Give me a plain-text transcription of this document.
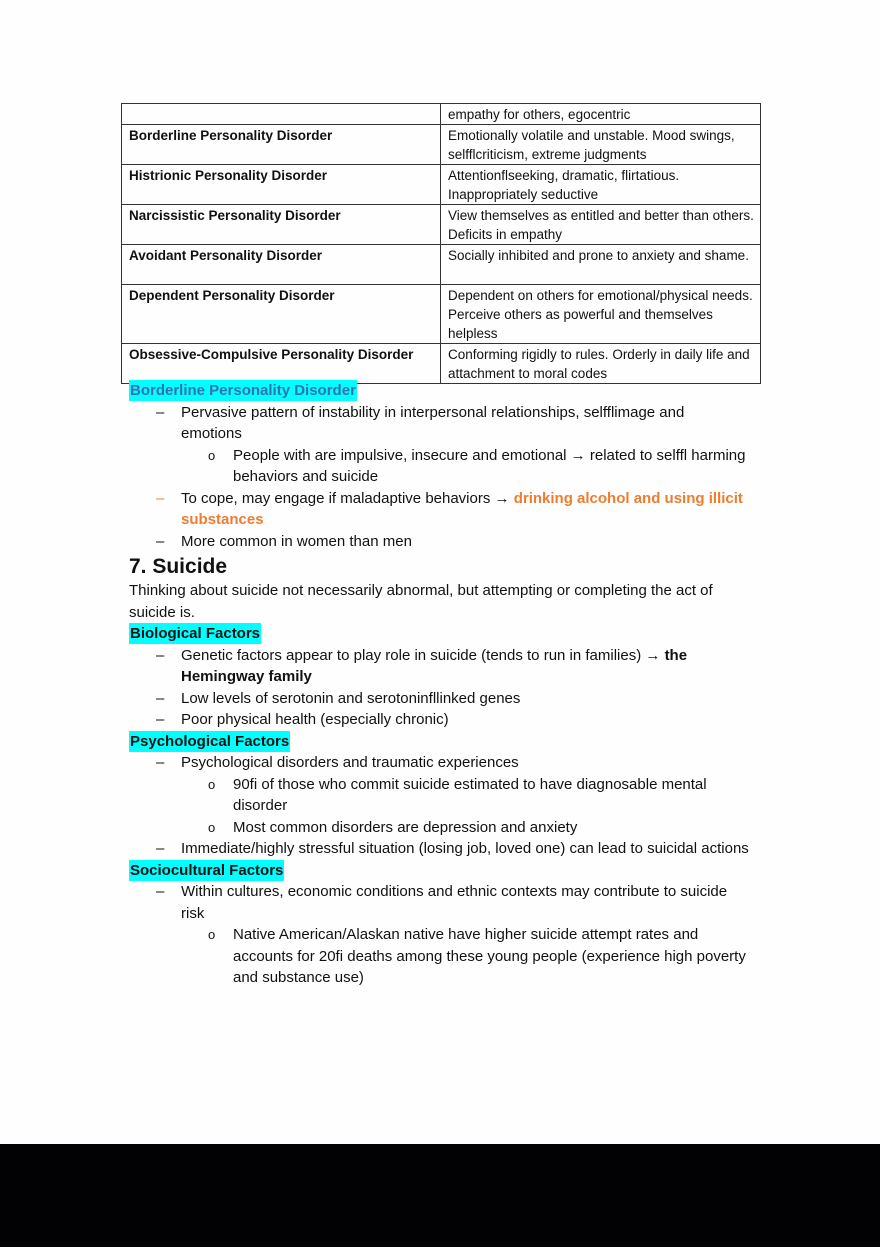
	empathy for others, egocentric
Borderline Personality Disorder	Emotionally volatile and unstable. Mood swings, selfflcriticism, extreme judgments
Histrionic Personality Disorder	Attentionflseeking, dramatic, flirtatious. Inappropriately seductive
Narcissistic Personality Disorder	View themselves as entitled and better than others. Deficits in empathy
Avoidant Personality Disorder	Socially inhibited and prone to anxiety and shame.
Dependent Personality Disorder	Dependent on others for emotional/physical needs. Perceive others as powerful and themselves helpless
Obsessive-Compulsive Personality Disorder	Conforming rigidly to rules. Orderly in daily life and attachment to moral codes
Borderline Personality Disorder
– Pervasive pattern of instability in interpersonal relationships, selfflimage and emotions
o	People with are impulsive, insecure and emotional → related to selffl harming behaviors and suicide
– To cope, may engage if maladaptive behaviors → drinking alcohol and using illicit substances
– More common in women than men
7. Suicide

Thinking about suicide not necessarily abnormal, but attempting or completing the act of suicide is.

Biological Factors
– Genetic factors appear to play role in suicide (tends to run in families) → the Hemingway family
– Low levels of serotonin and serotoninfllinked genes
– Poor physical health (especially chronic)
Psychological Factors
– Psychological disorders and traumatic experiences
o	90fi of those who commit suicide estimated to have diagnosable mental disorder
o	Most common disorders are depression and anxiety
– Immediate/highly stressful situation (losing job, loved one) can lead to suicidal actions
Sociocultural Factors
– Within cultures, economic conditions and ethnic contexts may contribute to suicide risk
o	Native American/Alaskan native have higher suicide attempt rates and accounts for 20fi deaths among these young people (experience high poverty and substance use)
